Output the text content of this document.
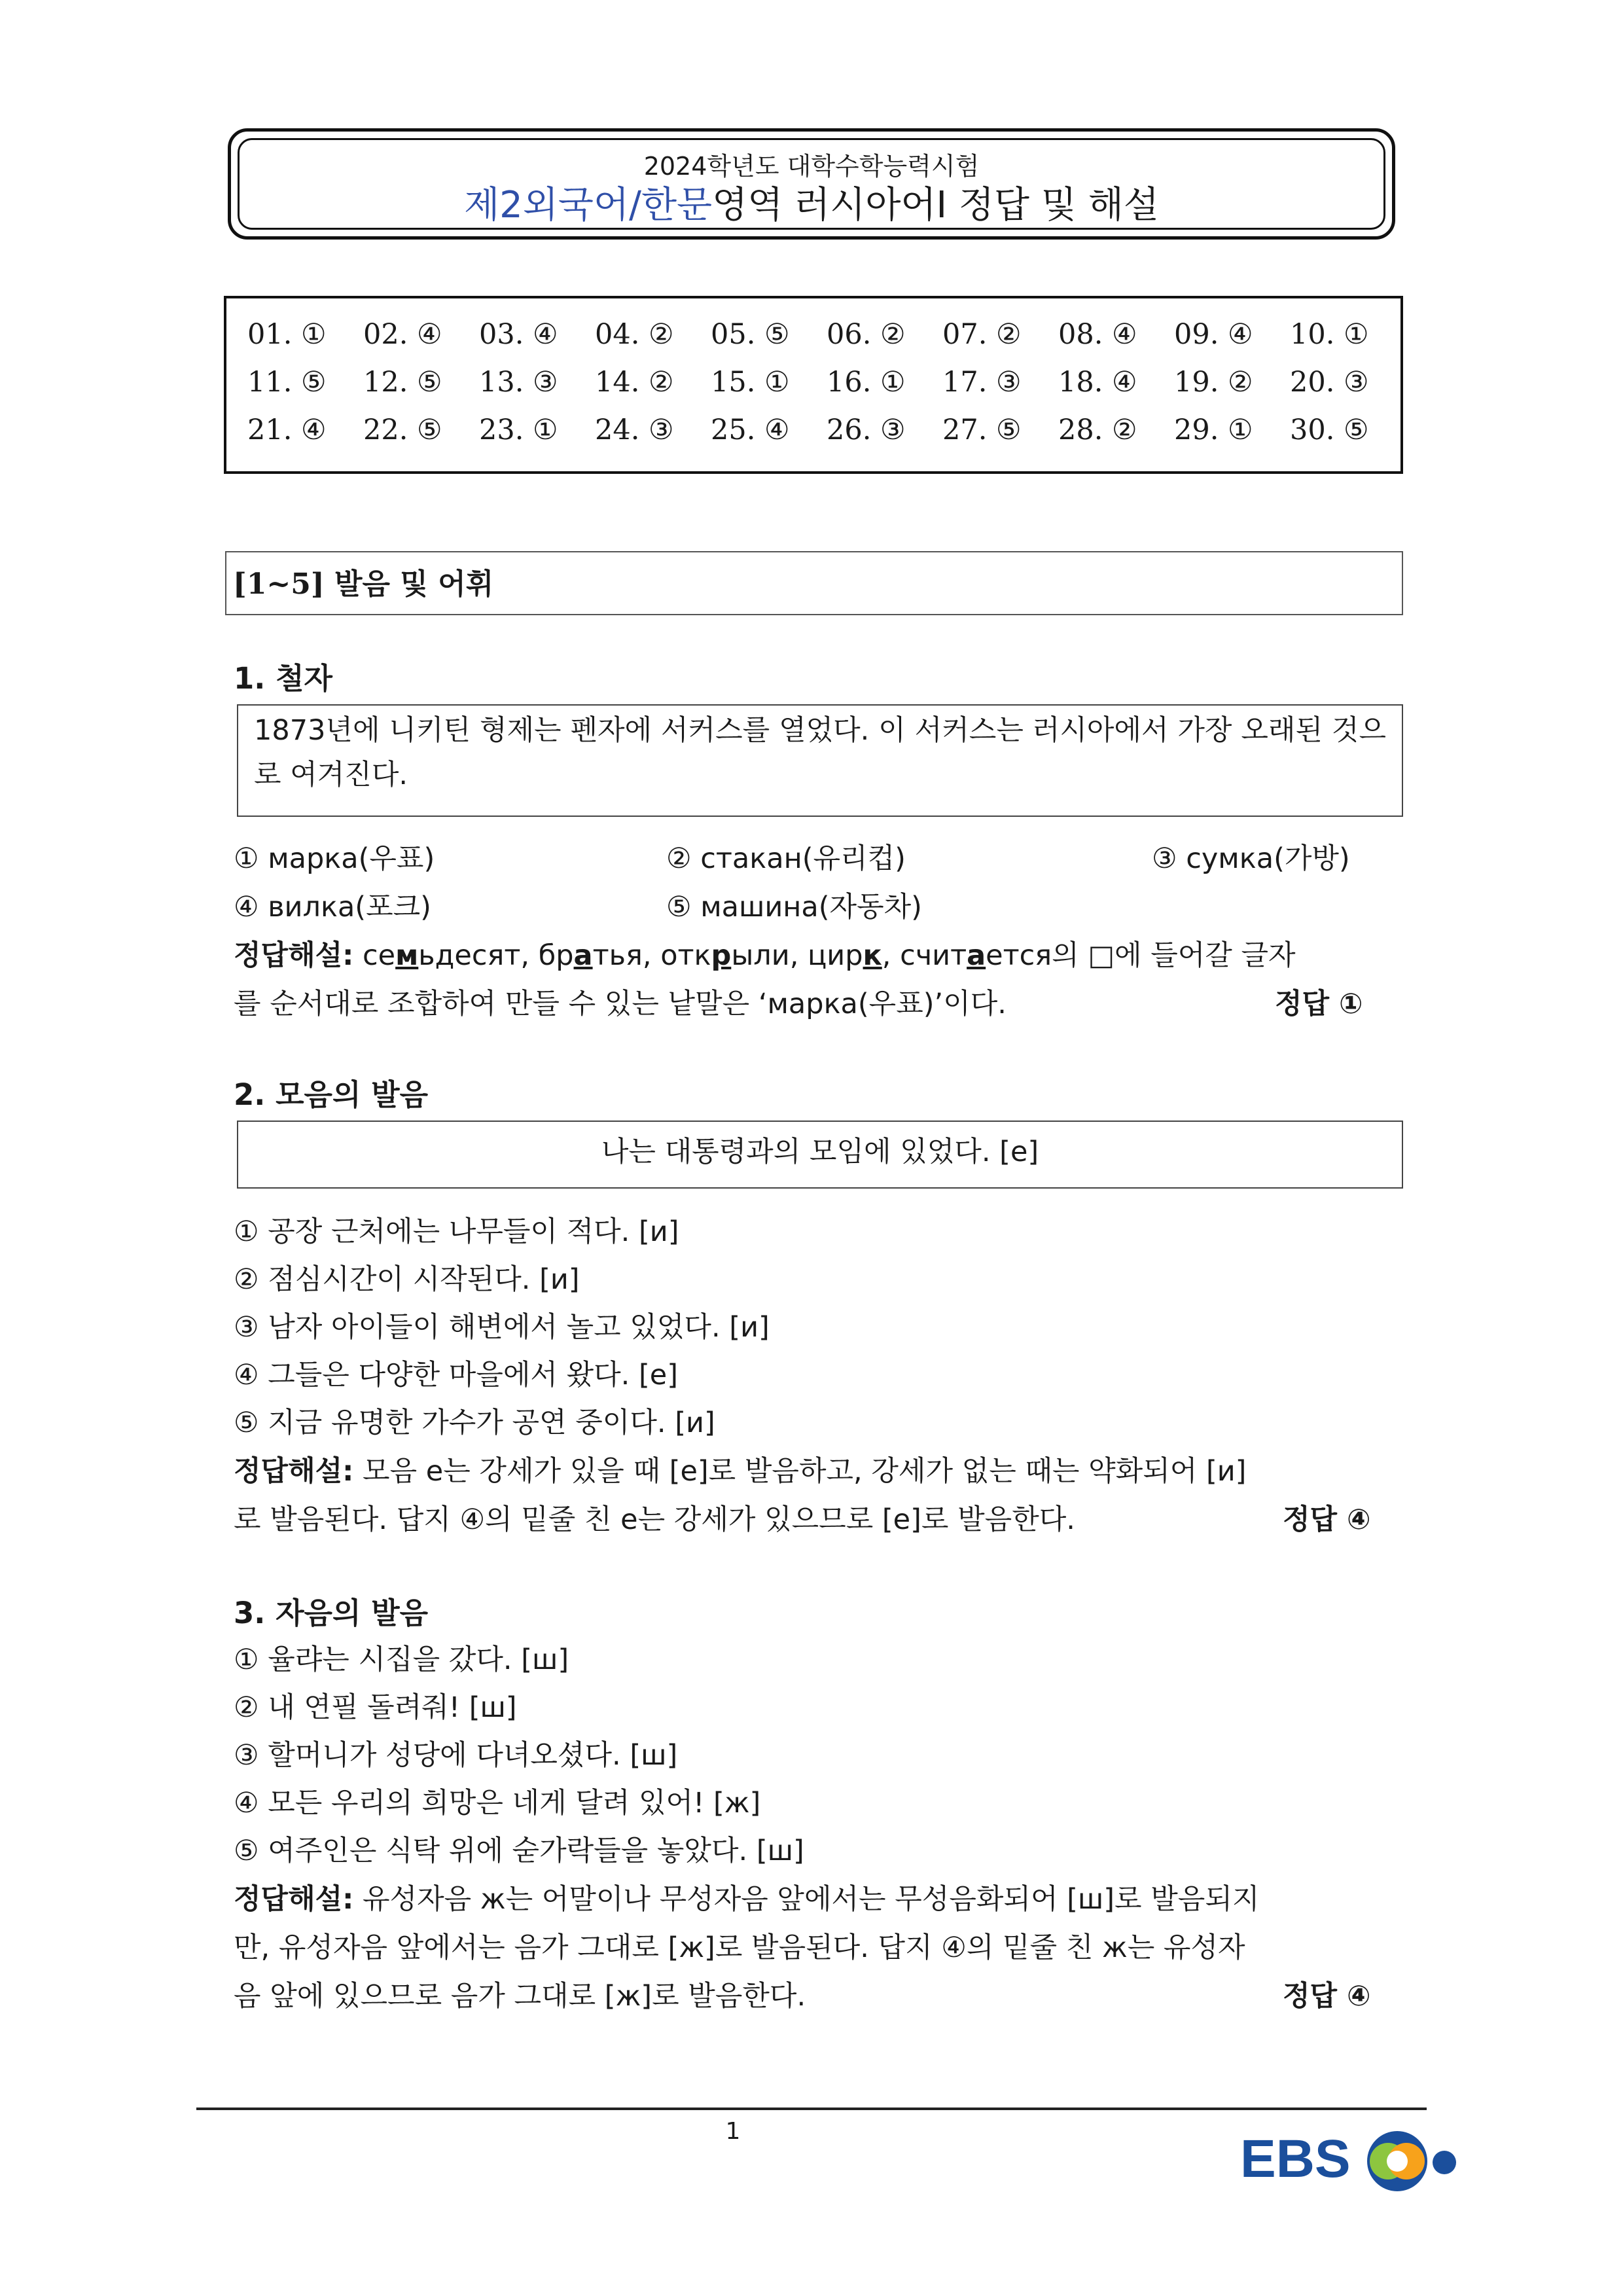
2024학년도 대학수학능력시험
제2외국어/한문영역 러시아어Ⅰ 정답 및 해설
01. ①	02. ④	03. ④	04. ②	05. ⑤	06. ②	07. ②	08. ④	09. ④	10. ①
11. ⑤	12. ⑤	13. ③	14. ②	15. ①	16. ①	17. ③	18. ④	19. ②	20. ③
21. ④	22. ⑤	23. ①	24. ③	25. ④	26. ③	27. ⑤	28. ②	29. ①	30. ⑤
[1~5] 발음 및 어휘
1. 철자
1873년에 니키틴 형제는 펜자에 서커스를 열었다. 이 서커스는 러시아에서 가장 오래된 것으로 여겨진다.
① марка(우표)	② стакан(유리컵)	③ сумка(가방)
④ вилка(포크)	⑤ машина(자동차)
정답해설: семьдесят, братья, открыли, цирк, считается의 □에 들어갈 글자
를 순서대로 조합하여 만들 수 있는 낱말은 ‘марка(우표)’이다.	정답 ①
2. 모음의 발음
나는 대통령과의 모임에 있었다. [e]
① 공장 근처에는 나무들이 적다. [и]
② 점심시간이 시작된다. [и]
③ 남자 아이들이 해변에서 놀고 있었다. [и]
④ 그들은 다양한 마을에서 왔다. [e]
⑤ 지금 유명한 가수가 공연 중이다. [и]
정답해설: 모음 e는 강세가 있을 때 [e]로 발음하고, 강세가 없는 때는 약화되어 [и]
로 발음된다. 답지 ④의 밑줄 친 e는 강세가 있으므로 [e]로 발음한다.	정답 ④
3. 자음의 발음
① 율랴는 시집을 갔다. [ш]
② 내 연필 돌려줘! [ш]
③ 할머니가 성당에 다녀오셨다. [ш]
④ 모든 우리의 희망은 네게 달려 있어! [ж]
⑤ 여주인은 식탁 위에 숟가락들을 놓았다. [ш]
정답해설: 유성자음 ж는 어말이나 무성자음 앞에서는 무성음화되어 [ш]로 발음되지
만, 유성자음 앞에서는 음가 그대로 [ж]로 발음된다. 답지 ④의 밑줄 친 ж는 유성자
음 앞에 있으므로 음가 그대로 [ж]로 발음한다.	정답 ④
1	EBS
